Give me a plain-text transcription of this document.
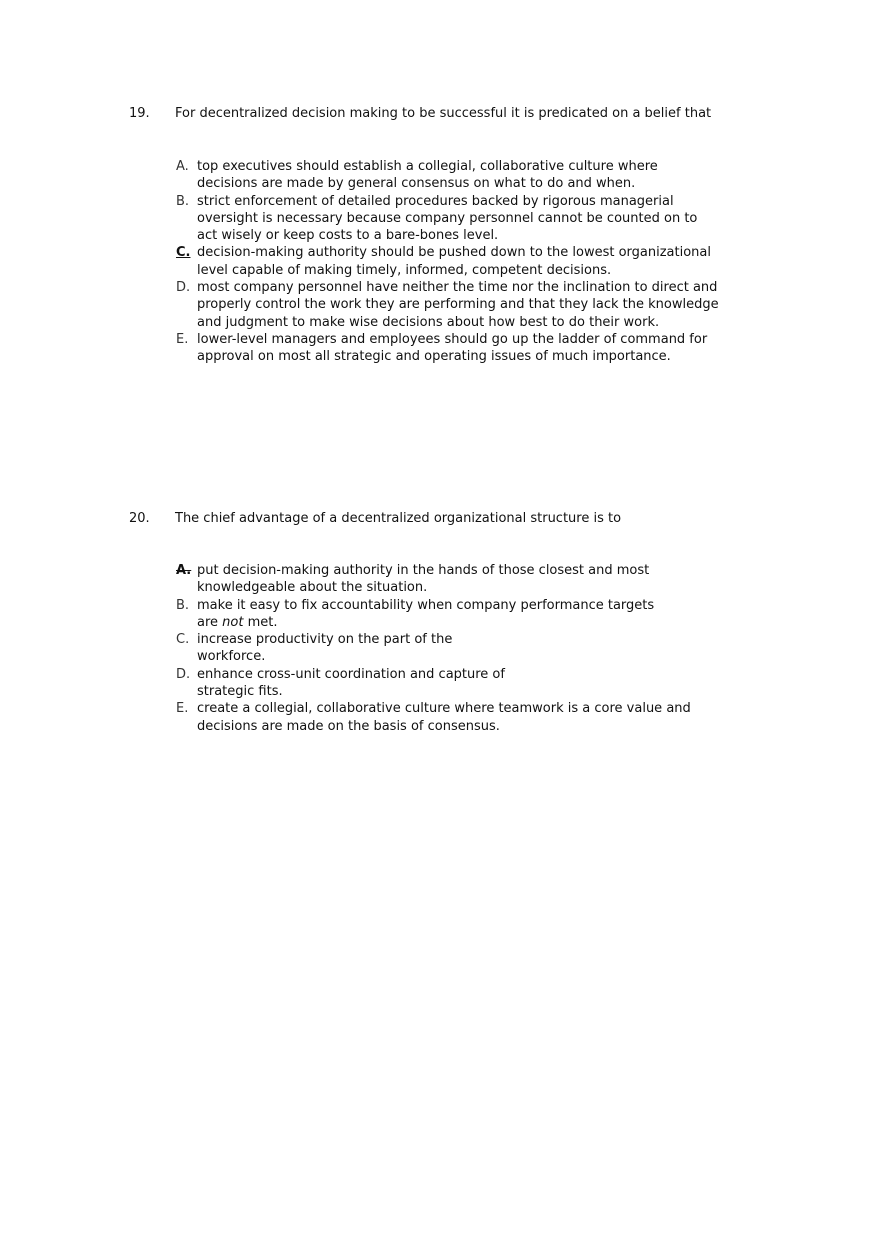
19. For decentralized decision making to be successful it is predicated on a belief that
A. top executives should establish a collegial, collaborative culture where
decisions are made by general consensus on what to do and when.
B. strict enforcement of detailed procedures backed by rigorous managerial
oversight is necessary because company personnel cannot be counted on to
act wisely or keep costs to a bare-bones level.
C. decision-making authority should be pushed down to the lowest organizational
level capable of making timely, informed, competent decisions.
D. most company personnel have neither the time nor the inclination to direct and
properly control the work they are performing and that they lack the knowledge
and judgment to make wise decisions about how best to do their work.
E. lower-level managers and employees should go up the ladder of command for
approval on most all strategic and operating issues of much importance.
20. The chief advantage of a decentralized organizational structure is to
A. put decision-making authority in the hands of those closest and most
knowledgeable about the situation.
B. make it easy to fix accountability when company performance targets
are not met.
C. increase productivity on the part of the
workforce.
D. enhance cross-unit coordination and capture of
strategic fits.
E. create a collegial, collaborative culture where teamwork is a core value and
decisions are made on the basis of consensus.
